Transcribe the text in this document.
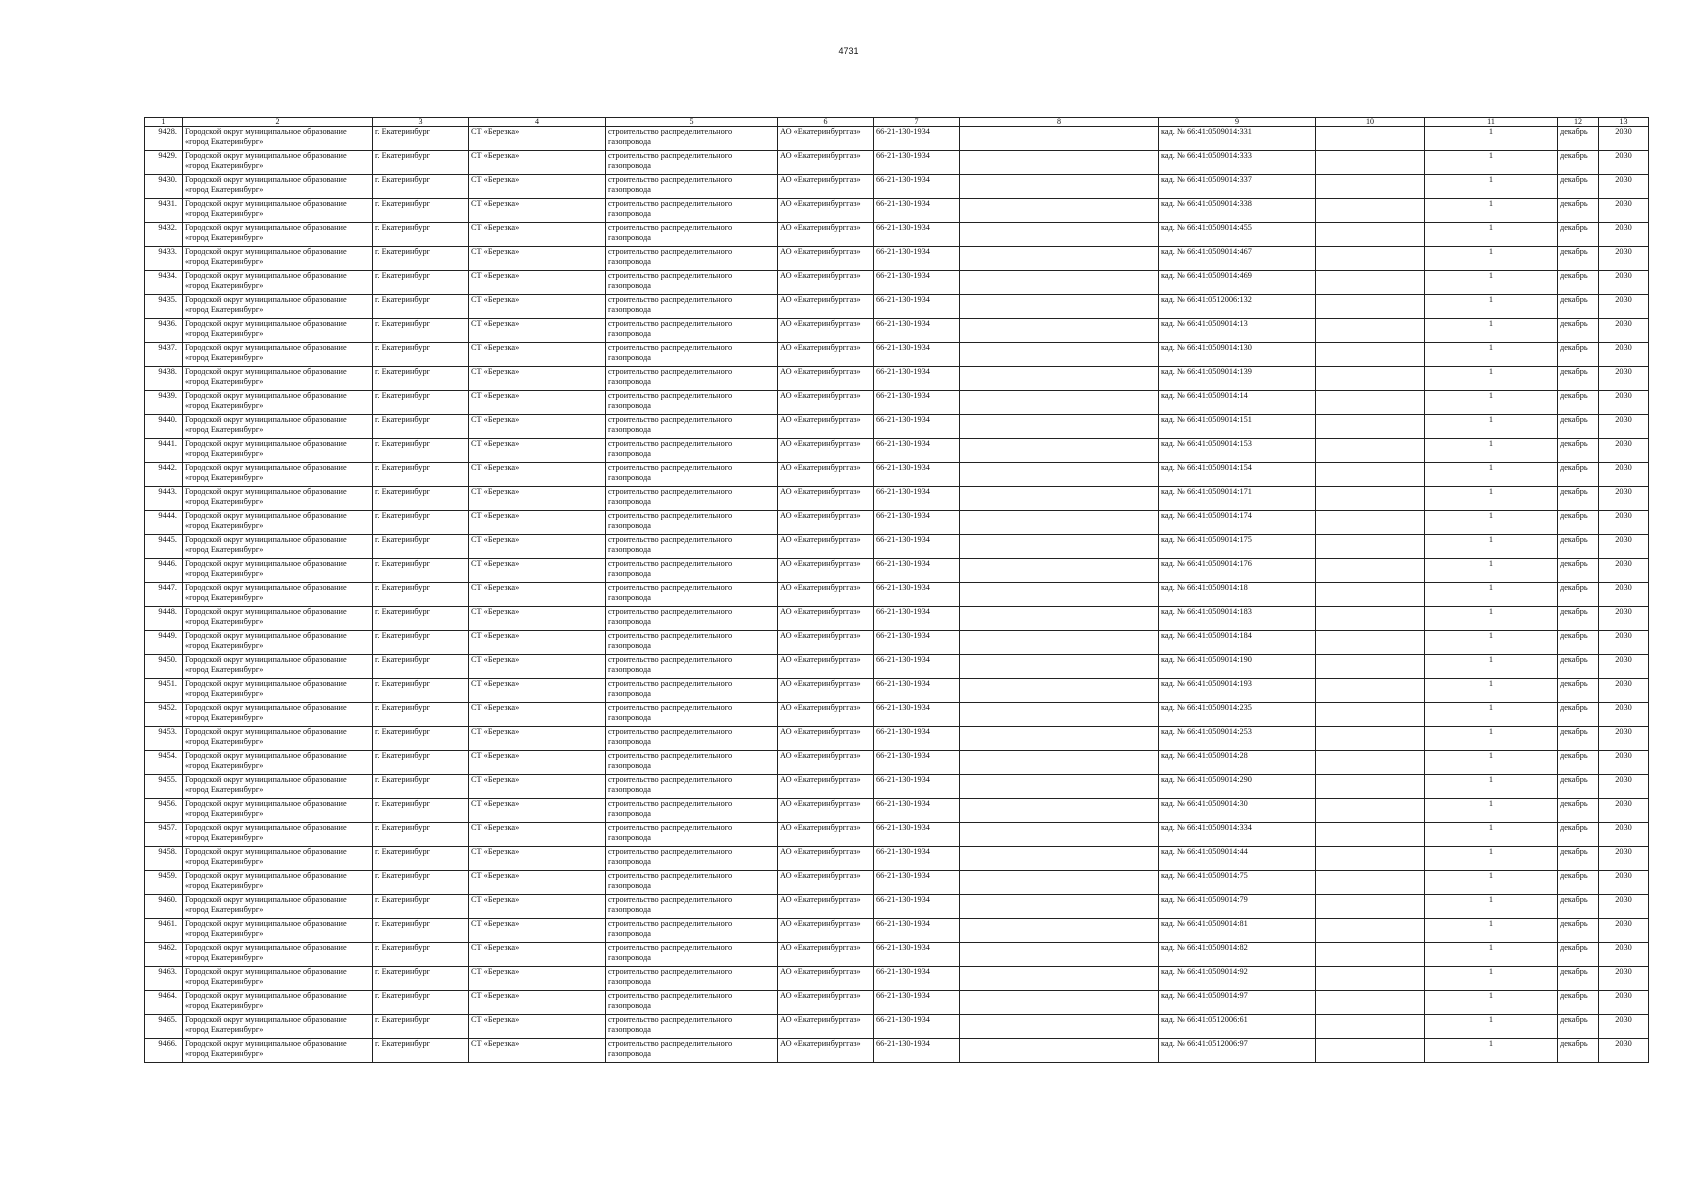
4731
1	2	3	4	5	6	7	8	9	10	11	12	13
9428.	Городской округ муниципальное образование «город Екатеринбург»	г. Екатеринбург	СТ «Березка»	строительство распределительного газопровода	АО «Екатеринбурггаз»	66-21-130-1934		кад. № 66:41:0509014:331		1	декабрь	2030
9429.	Городской округ муниципальное образование «город Екатеринбург»	г. Екатеринбург	СТ «Березка»	строительство распределительного газопровода	АО «Екатеринбурггаз»	66-21-130-1934		кад. № 66:41:0509014:333		1	декабрь	2030
9430.	Городской округ муниципальное образование «город Екатеринбург»	г. Екатеринбург	СТ «Березка»	строительство распределительного газопровода	АО «Екатеринбурггаз»	66-21-130-1934		кад. № 66:41:0509014:337		1	декабрь	2030
9431.	Городской округ муниципальное образование «город Екатеринбург»	г. Екатеринбург	СТ «Березка»	строительство распределительного газопровода	АО «Екатеринбурггаз»	66-21-130-1934		кад. № 66:41:0509014:338		1	декабрь	2030
9432.	Городской округ муниципальное образование «город Екатеринбург»	г. Екатеринбург	СТ «Березка»	строительство распределительного газопровода	АО «Екатеринбурггаз»	66-21-130-1934		кад. № 66:41:0509014:455		1	декабрь	2030
9433.	Городской округ муниципальное образование «город Екатеринбург»	г. Екатеринбург	СТ «Березка»	строительство распределительного газопровода	АО «Екатеринбурггаз»	66-21-130-1934		кад. № 66:41:0509014:467		1	декабрь	2030
9434.	Городской округ муниципальное образование «город Екатеринбург»	г. Екатеринбург	СТ «Березка»	строительство распределительного газопровода	АО «Екатеринбурггаз»	66-21-130-1934		кад. № 66:41:0509014:469		1	декабрь	2030
9435.	Городской округ муниципальное образование «город Екатеринбург»	г. Екатеринбург	СТ «Березка»	строительство распределительного газопровода	АО «Екатеринбурггаз»	66-21-130-1934		кад. № 66:41:0512006:132		1	декабрь	2030
9436.	Городской округ муниципальное образование «город Екатеринбург»	г. Екатеринбург	СТ «Березка»	строительство распределительного газопровода	АО «Екатеринбурггаз»	66-21-130-1934		кад. № 66:41:0509014:13		1	декабрь	2030
9437.	Городской округ муниципальное образование «город Екатеринбург»	г. Екатеринбург	СТ «Березка»	строительство распределительного газопровода	АО «Екатеринбурггаз»	66-21-130-1934		кад. № 66:41:0509014:130		1	декабрь	2030
9438.	Городской округ муниципальное образование «город Екатеринбург»	г. Екатеринбург	СТ «Березка»	строительство распределительного газопровода	АО «Екатеринбурггаз»	66-21-130-1934		кад. № 66:41:0509014:139		1	декабрь	2030
9439.	Городской округ муниципальное образование «город Екатеринбург»	г. Екатеринбург	СТ «Березка»	строительство распределительного газопровода	АО «Екатеринбурггаз»	66-21-130-1934		кад. № 66:41:0509014:14		1	декабрь	2030
9440.	Городской округ муниципальное образование «город Екатеринбург»	г. Екатеринбург	СТ «Березка»	строительство распределительного газопровода	АО «Екатеринбурггаз»	66-21-130-1934		кад. № 66:41:0509014:151		1	декабрь	2030
9441.	Городской округ муниципальное образование «город Екатеринбург»	г. Екатеринбург	СТ «Березка»	строительство распределительного газопровода	АО «Екатеринбурггаз»	66-21-130-1934		кад. № 66:41:0509014:153		1	декабрь	2030
9442.	Городской округ муниципальное образование «город Екатеринбург»	г. Екатеринбург	СТ «Березка»	строительство распределительного газопровода	АО «Екатеринбурггаз»	66-21-130-1934		кад. № 66:41:0509014:154		1	декабрь	2030
9443.	Городской округ муниципальное образование «город Екатеринбург»	г. Екатеринбург	СТ «Березка»	строительство распределительного газопровода	АО «Екатеринбурггаз»	66-21-130-1934		кад. № 66:41:0509014:171		1	декабрь	2030
9444.	Городской округ муниципальное образование «город Екатеринбург»	г. Екатеринбург	СТ «Березка»	строительство распределительного газопровода	АО «Екатеринбурггаз»	66-21-130-1934		кад. № 66:41:0509014:174		1	декабрь	2030
9445.	Городской округ муниципальное образование «город Екатеринбург»	г. Екатеринбург	СТ «Березка»	строительство распределительного газопровода	АО «Екатеринбурггаз»	66-21-130-1934		кад. № 66:41:0509014:175		1	декабрь	2030
9446.	Городской округ муниципальное образование «город Екатеринбург»	г. Екатеринбург	СТ «Березка»	строительство распределительного газопровода	АО «Екатеринбурггаз»	66-21-130-1934		кад. № 66:41:0509014:176		1	декабрь	2030
9447.	Городской округ муниципальное образование «город Екатеринбург»	г. Екатеринбург	СТ «Березка»	строительство распределительного газопровода	АО «Екатеринбурггаз»	66-21-130-1934		кад. № 66:41:0509014:18		1	декабрь	2030
9448.	Городской округ муниципальное образование «город Екатеринбург»	г. Екатеринбург	СТ «Березка»	строительство распределительного газопровода	АО «Екатеринбурггаз»	66-21-130-1934		кад. № 66:41:0509014:183		1	декабрь	2030
9449.	Городской округ муниципальное образование «город Екатеринбург»	г. Екатеринбург	СТ «Березка»	строительство распределительного газопровода	АО «Екатеринбурггаз»	66-21-130-1934		кад. № 66:41:0509014:184		1	декабрь	2030
9450.	Городской округ муниципальное образование «город Екатеринбург»	г. Екатеринбург	СТ «Березка»	строительство распределительного газопровода	АО «Екатеринбурггаз»	66-21-130-1934		кад. № 66:41:0509014:190		1	декабрь	2030
9451.	Городской округ муниципальное образование «город Екатеринбург»	г. Екатеринбург	СТ «Березка»	строительство распределительного газопровода	АО «Екатеринбурггаз»	66-21-130-1934		кад. № 66:41:0509014:193		1	декабрь	2030
9452.	Городской округ муниципальное образование «город Екатеринбург»	г. Екатеринбург	СТ «Березка»	строительство распределительного газопровода	АО «Екатеринбурггаз»	66-21-130-1934		кад. № 66:41:0509014:235		1	декабрь	2030
9453.	Городской округ муниципальное образование «город Екатеринбург»	г. Екатеринбург	СТ «Березка»	строительство распределительного газопровода	АО «Екатеринбурггаз»	66-21-130-1934		кад. № 66:41:0509014:253		1	декабрь	2030
9454.	Городской округ муниципальное образование «город Екатеринбург»	г. Екатеринбург	СТ «Березка»	строительство распределительного газопровода	АО «Екатеринбурггаз»	66-21-130-1934		кад. № 66:41:0509014:28		1	декабрь	2030
9455.	Городской округ муниципальное образование «город Екатеринбург»	г. Екатеринбург	СТ «Березка»	строительство распределительного газопровода	АО «Екатеринбурггаз»	66-21-130-1934		кад. № 66:41:0509014:290		1	декабрь	2030
9456.	Городской округ муниципальное образование «город Екатеринбург»	г. Екатеринбург	СТ «Березка»	строительство распределительного газопровода	АО «Екатеринбурггаз»	66-21-130-1934		кад. № 66:41:0509014:30		1	декабрь	2030
9457.	Городской округ муниципальное образование «город Екатеринбург»	г. Екатеринбург	СТ «Березка»	строительство распределительного газопровода	АО «Екатеринбурггаз»	66-21-130-1934		кад. № 66:41:0509014:334		1	декабрь	2030
9458.	Городской округ муниципальное образование «город Екатеринбург»	г. Екатеринбург	СТ «Березка»	строительство распределительного газопровода	АО «Екатеринбурггаз»	66-21-130-1934		кад. № 66:41:0509014:44		1	декабрь	2030
9459.	Городской округ муниципальное образование «город Екатеринбург»	г. Екатеринбург	СТ «Березка»	строительство распределительного газопровода	АО «Екатеринбурггаз»	66-21-130-1934		кад. № 66:41:0509014:75		1	декабрь	2030
9460.	Городской округ муниципальное образование «город Екатеринбург»	г. Екатеринбург	СТ «Березка»	строительство распределительного газопровода	АО «Екатеринбурггаз»	66-21-130-1934		кад. № 66:41:0509014:79		1	декабрь	2030
9461.	Городской округ муниципальное образование «город Екатеринбург»	г. Екатеринбург	СТ «Березка»	строительство распределительного газопровода	АО «Екатеринбурггаз»	66-21-130-1934		кад. № 66:41:0509014:81		1	декабрь	2030
9462.	Городской округ муниципальное образование «город Екатеринбург»	г. Екатеринбург	СТ «Березка»	строительство распределительного газопровода	АО «Екатеринбурггаз»	66-21-130-1934		кад. № 66:41:0509014:82		1	декабрь	2030
9463.	Городской округ муниципальное образование «город Екатеринбург»	г. Екатеринбург	СТ «Березка»	строительство распределительного газопровода	АО «Екатеринбурггаз»	66-21-130-1934		кад. № 66:41:0509014:92		1	декабрь	2030
9464.	Городской округ муниципальное образование «город Екатеринбург»	г. Екатеринбург	СТ «Березка»	строительство распределительного газопровода	АО «Екатеринбурггаз»	66-21-130-1934		кад. № 66:41:0509014:97		1	декабрь	2030
9465.	Городской округ муниципальное образование «город Екатеринбург»	г. Екатеринбург	СТ «Березка»	строительство распределительного газопровода	АО «Екатеринбурггаз»	66-21-130-1934		кад. № 66:41:0512006:61		1	декабрь	2030
9466.	Городской округ муниципальное образование «город Екатеринбург»	г. Екатеринбург	СТ «Березка»	строительство распределительного газопровода	АО «Екатеринбурггаз»	66-21-130-1934		кад. № 66:41:0512006:97		1	декабрь	2030
